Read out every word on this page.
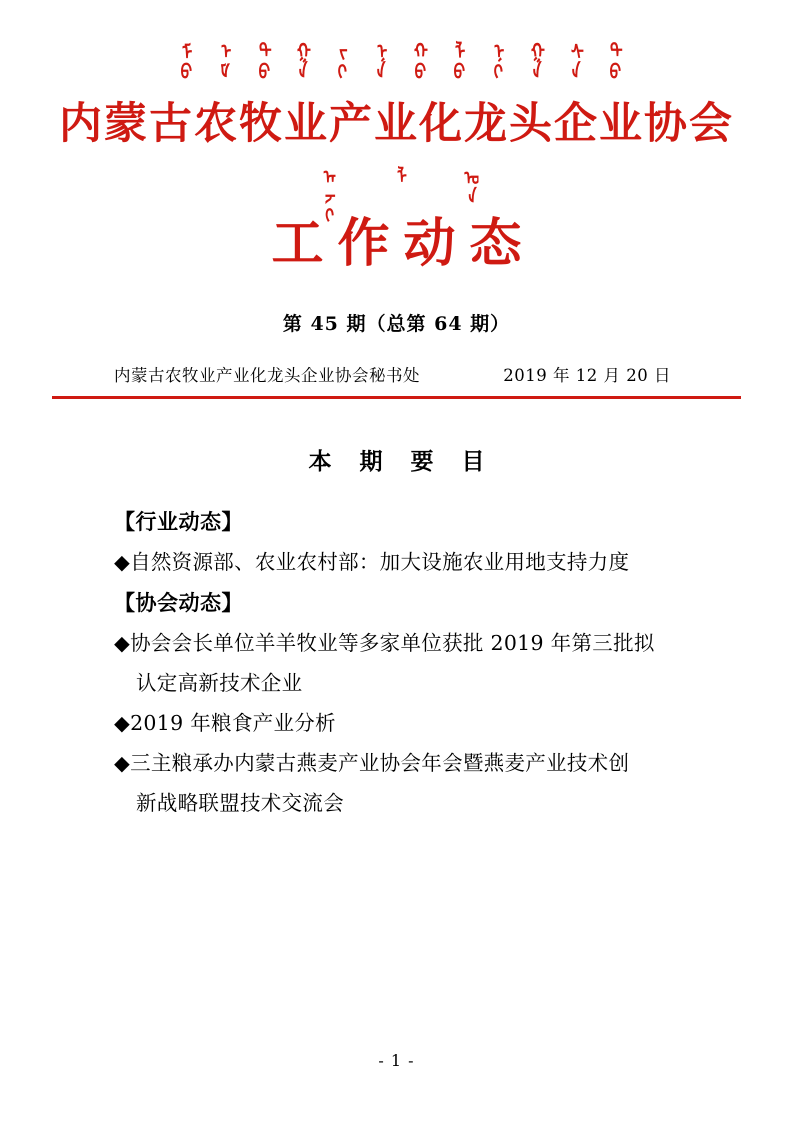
ᠮᠤ ᠡᠮ ᠳᠦ ᠭᠠ ᠵᠢ ᠨᠠ ᠬᠦ ᠯᠤ ᠨᠢ ᠭᠡ ᠰᠠ ᠳᠤ
内蒙古农牧业产业化龙头企业协会
ᠠᠵᠢ	ᠯ	ᠤᠨ
工作动态
第 45 期（总第 64 期）
内蒙古农牧业产业化龙头企业协会秘书处	2019 年 12 月 20 日
本 期 要 目
【行业动态】
◆自然资源部、农业农村部：加大设施农业用地支持力度
【协会动态】
◆协会会长单位羊羊牧业等多家单位获批 2019 年第三批拟
认定高新技术企业
◆2019 年粮食产业分析
◆三主粮承办内蒙古燕麦产业协会年会暨燕麦产业技术创
新战略联盟技术交流会
- 1 -
